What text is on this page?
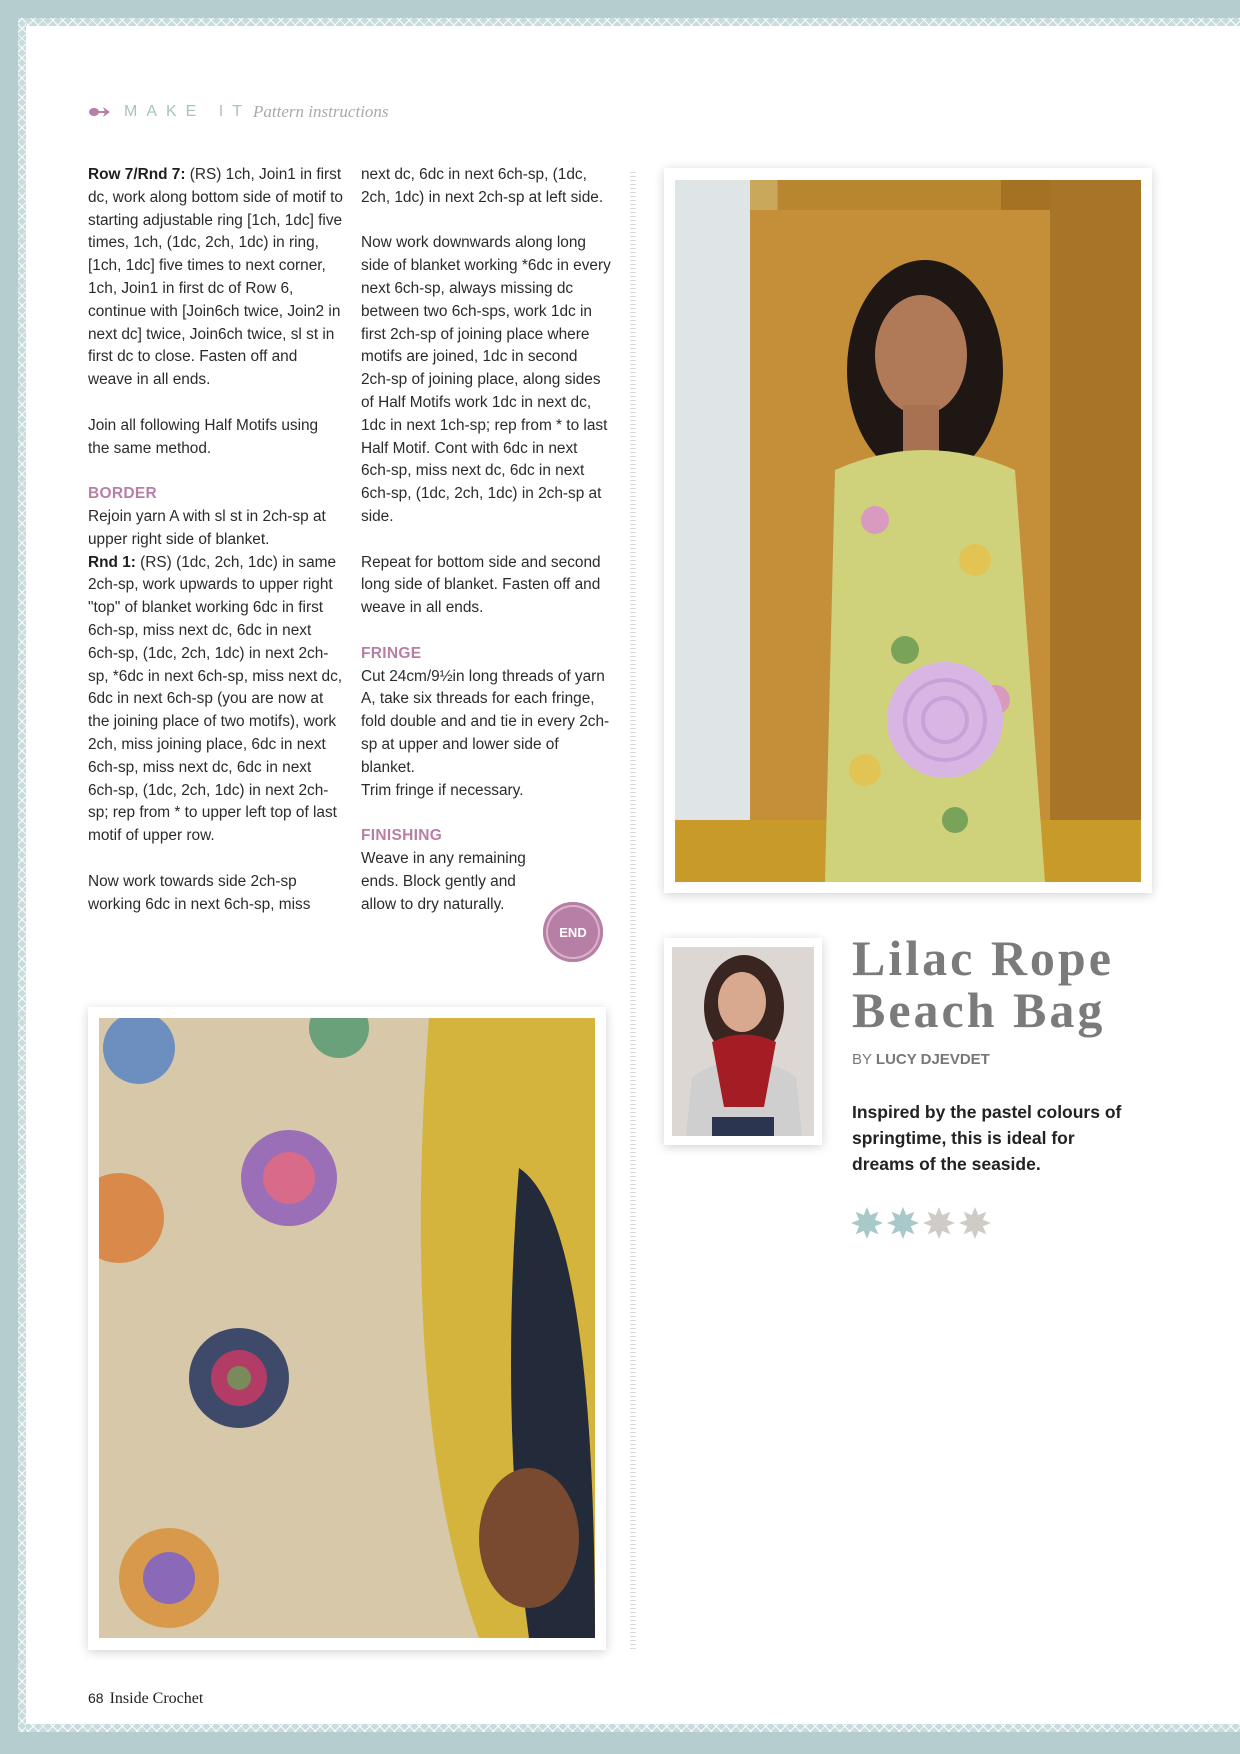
MAKE IT Pattern instructions

Row 7/Rnd 7: (RS) 1ch, Join1 in first dc, work along bottom side of motif to starting adjustable ring [1ch, 1dc] five times, 1ch, (1dc, 2ch, 1dc) in ring, [1ch, 1dc] five times to next corner, 1ch, Join1 in first dc of Row 6, continue with [Join6ch twice, Join2 in next dc] twice, Join6ch twice, sl st in first dc to close. Fasten off and weave in all ends.

Join all following Half Motifs using the same method.

BORDER

Rejoin yarn A with sl st in 2ch-sp at upper right side of blanket.

Rnd 1: (RS) (1dc, 2ch, 1dc) in same 2ch-sp, work upwards to upper right "top" of blanket working 6dc in first 6ch-sp, miss next dc, 6dc in next 6ch-sp, (1dc, 2ch, 1dc) in next 2ch-sp, *6dc in next 6ch-sp, miss next dc, 6dc in next 6ch-sp (you are now at the joining place of two motifs), work 2ch, miss joining place, 6dc in next 6ch-sp, miss next dc, 6dc in next 6ch-sp, (1dc, 2ch, 1dc) in next 2ch-sp; rep from * to upper left top of last motif of upper row.

Now work towards side 2ch-sp working 6dc in next 6ch-sp, miss

next dc, 6dc in next 6ch-sp, (1dc, 2ch, 1dc) in next 2ch-sp at left side.

Now work downwards along long side of blanket working *6dc in every next 6ch-sp, always missing dc between two 6ch-sps, work 1dc in first 2ch-sp of joining place where motifs are joined, 1dc in second 2ch-sp of joining place, along sides of Half Motifs work 1dc in next dc, 1dc in next 1ch-sp; rep from * to last Half Motif. Cont with 6dc in next 6ch-sp, miss next dc, 6dc in next 6ch-sp, (1dc, 2ch, 1dc) in 2ch-sp at side.

Repeat for bottom side and second long side of blanket. Fasten off and weave in all ends.

FRINGE

Cut 24cm/9½in long threads of yarn A, take six threads for each fringe, fold double and and tie in every 2ch-sp at upper and lower side of blanket.

Trim fringe if necessary.

FINISHING

Weave in any remaining ends. Block gently and allow to dry naturally.

END	Lilac Rope
Beach Bag
BY LUCY DJEVDET
Inspired by the pastel colours of springtime, this is ideal for dreams of the seaside.
68 Inside Crochet
